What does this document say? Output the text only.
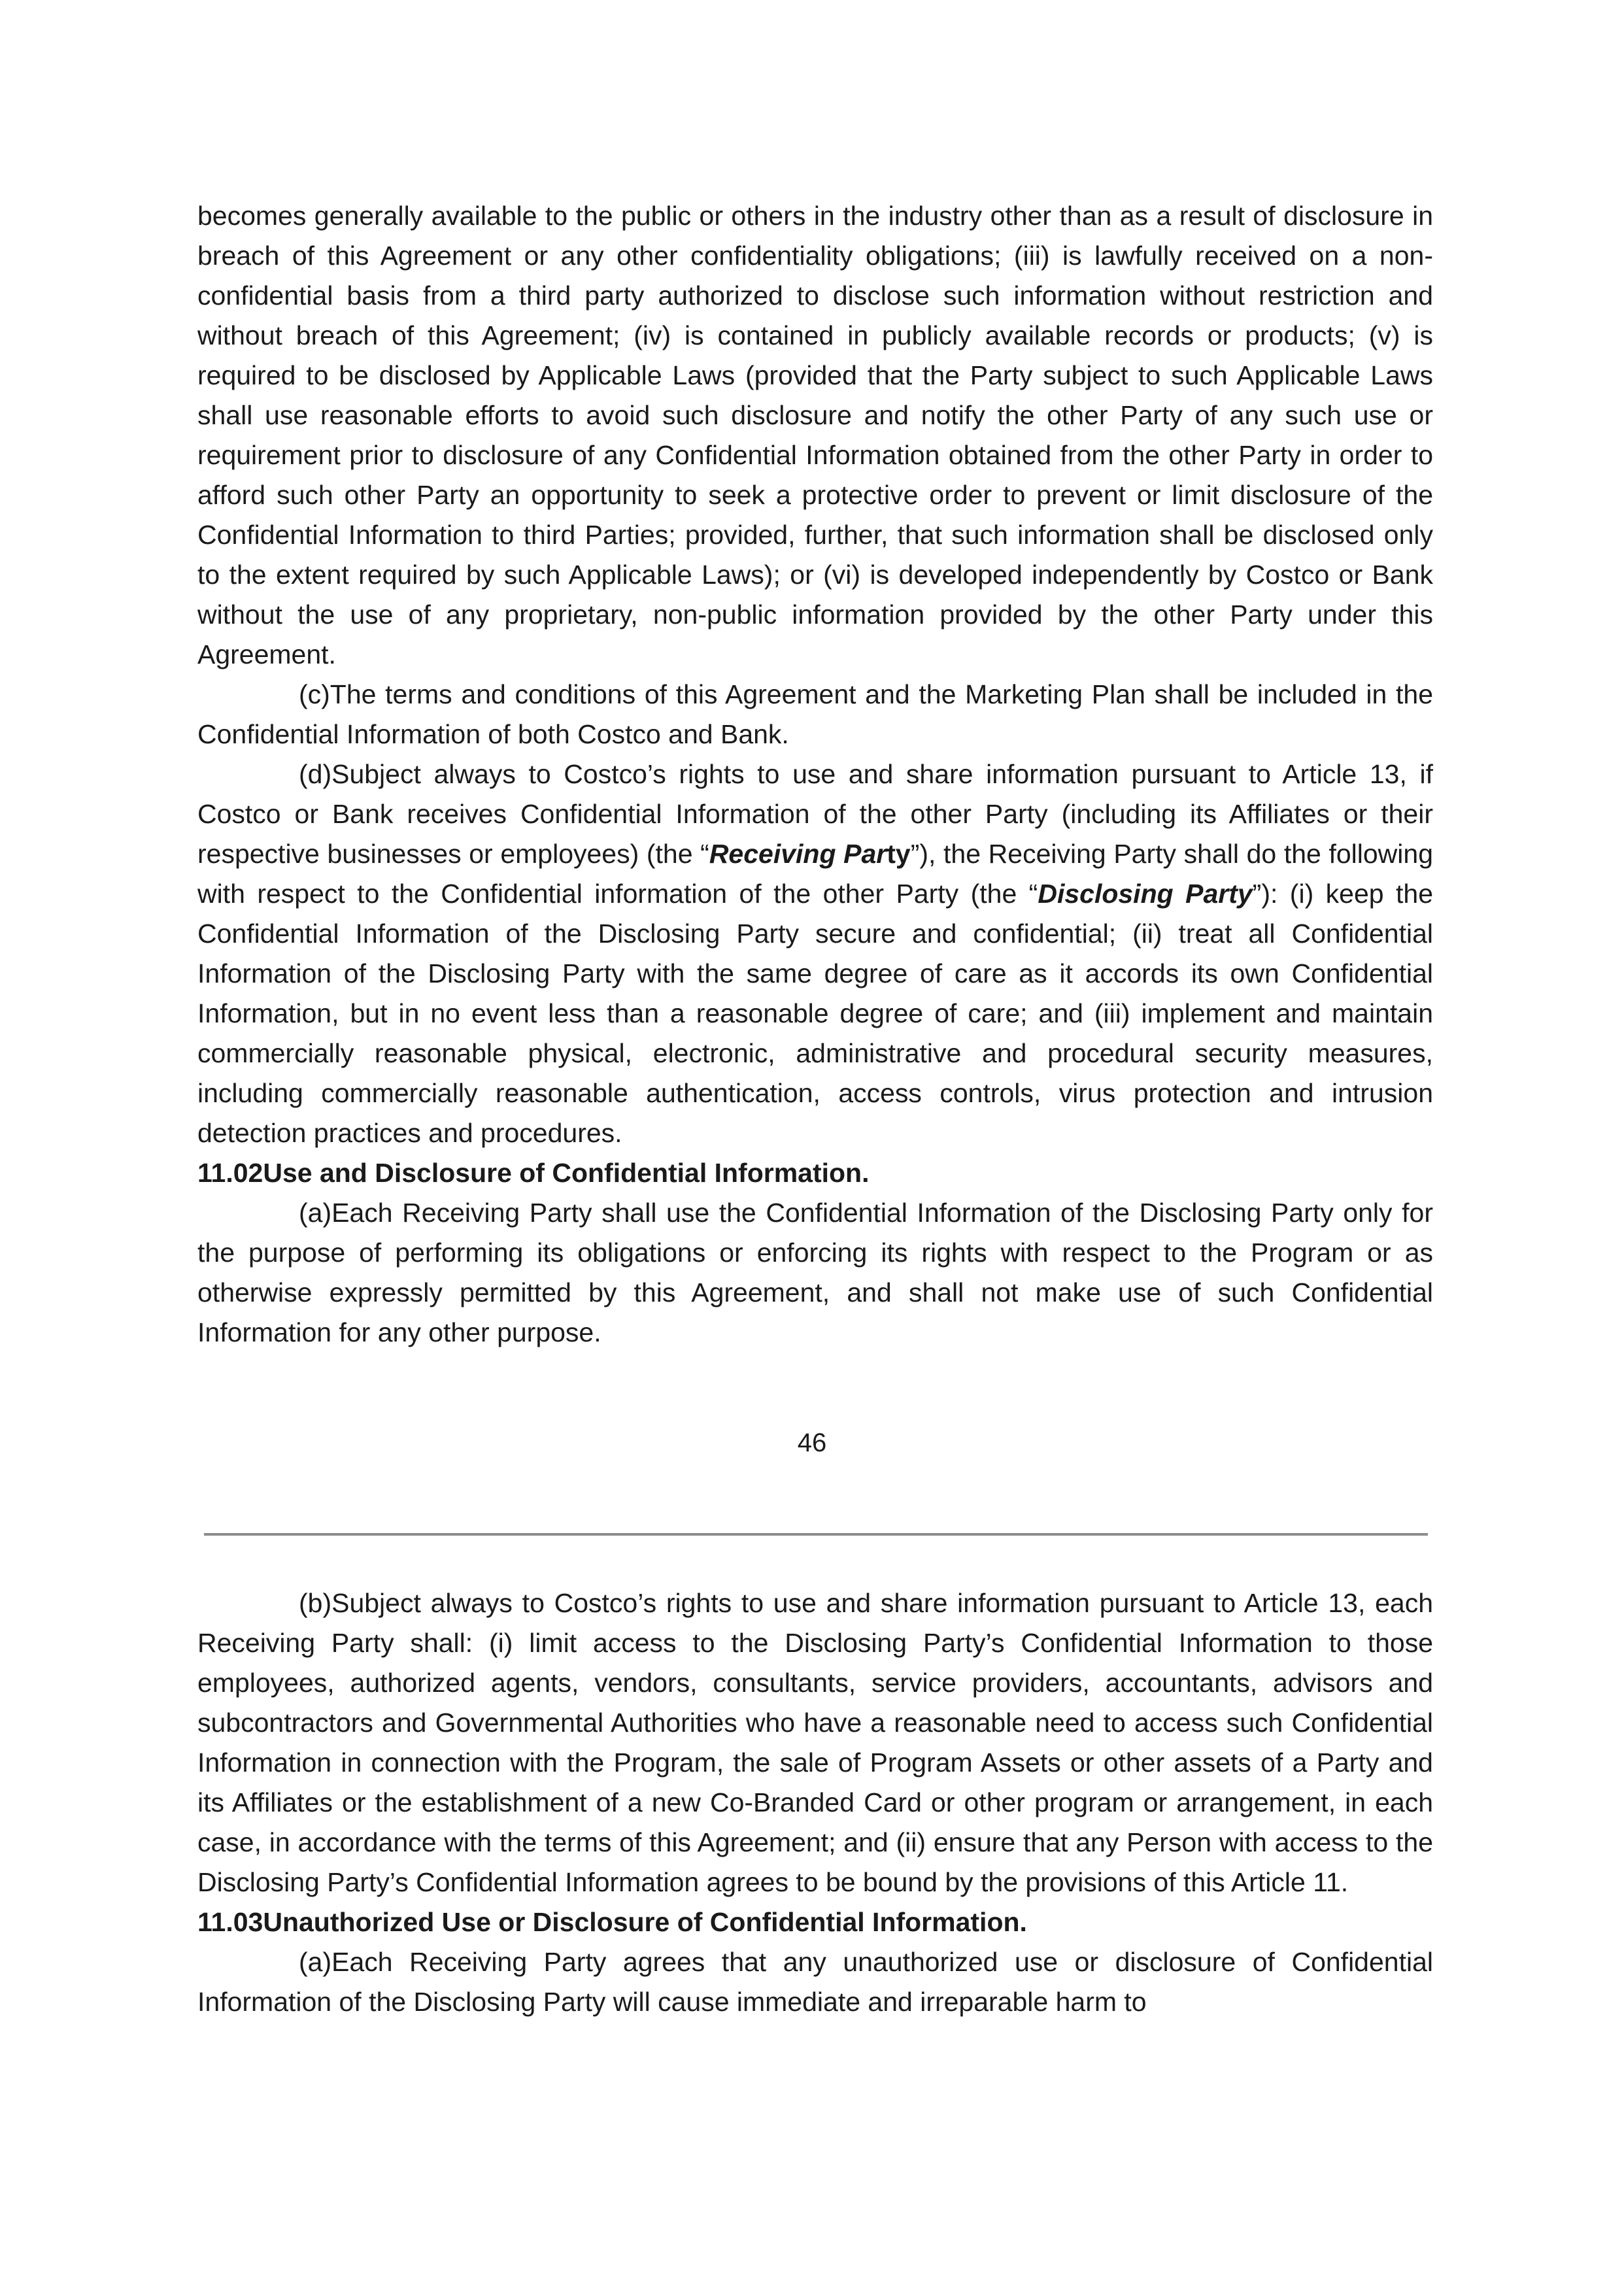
becomes generally available to the public or others in the industry other than as a result of disclosure in breach of this Agreement or any other confidentiality obligations; (iii) is lawfully received on a non-confidential basis from a third party authorized to disclose such information without restriction and without breach of this Agreement; (iv) is contained in publicly available records or products; (v) is required to be disclosed by Applicable Laws (provided that the Party subject to such Applicable Laws shall use reasonable efforts to avoid such disclosure and notify the other Party of any such use or requirement prior to disclosure of any Confidential Information obtained from the other Party in order to afford such other Party an opportunity to seek a protective order to prevent or limit disclosure of the Confidential Information to third Parties; provided, further, that such information shall be disclosed only to the extent required by such Applicable Laws); or (vi) is developed independently by Costco or Bank without the use of any proprietary, non-public information provided by the other Party under this Agreement.

(c)The terms and conditions of this Agreement and the Marketing Plan shall be included in the Confidential Information of both Costco and Bank.

(d)Subject always to Costco’s rights to use and share information pursuant to Article 13, if Costco or Bank receives Confidential Information of the other Party (including its Affiliates or their respective businesses or employees) (the “Receiving Party”), the Receiving Party shall do the following with respect to the Confidential information of the other Party (the “Disclosing Party”): (i) keep the Confidential Information of the Disclosing Party secure and confidential; (ii) treat all Confidential Information of the Disclosing Party with the same degree of care as it accords its own Confidential Information, but in no event less than a reasonable degree of care; and (iii) implement and maintain commercially reasonable physical, electronic, administrative and procedural security measures, including commercially reasonable authentication, access controls, virus protection and intrusion detection practices and procedures.

11.02Use and Disclosure of Confidential Information.

(a)Each Receiving Party shall use the Confidential Information of the Disclosing Party only for the purpose of performing its obligations or enforcing its rights with respect to the Program or as otherwise expressly permitted by this Agreement, and shall not make use of such Confidential Information for any other purpose.

46

(b)Subject always to Costco’s rights to use and share information pursuant to Article 13, each Receiving Party shall: (i) limit access to the Disclosing Party’s Confidential Information to those employees, authorized agents, vendors, consultants, service providers, accountants, advisors and subcontractors and Governmental Authorities who have a reasonable need to access such Confidential Information in connection with the Program, the sale of Program Assets or other assets of a Party and its Affiliates or the establishment of a new Co-Branded Card or other program or arrangement, in each case, in accordance with the terms of this Agreement; and (ii) ensure that any Person with access to the Disclosing Party’s Confidential Information agrees to be bound by the provisions of this Article 11.

11.03Unauthorized Use or Disclosure of Confidential Information.

(a)Each Receiving Party agrees that any unauthorized use or disclosure of Confidential Information of the Disclosing Party will cause immediate and irreparable harm to
